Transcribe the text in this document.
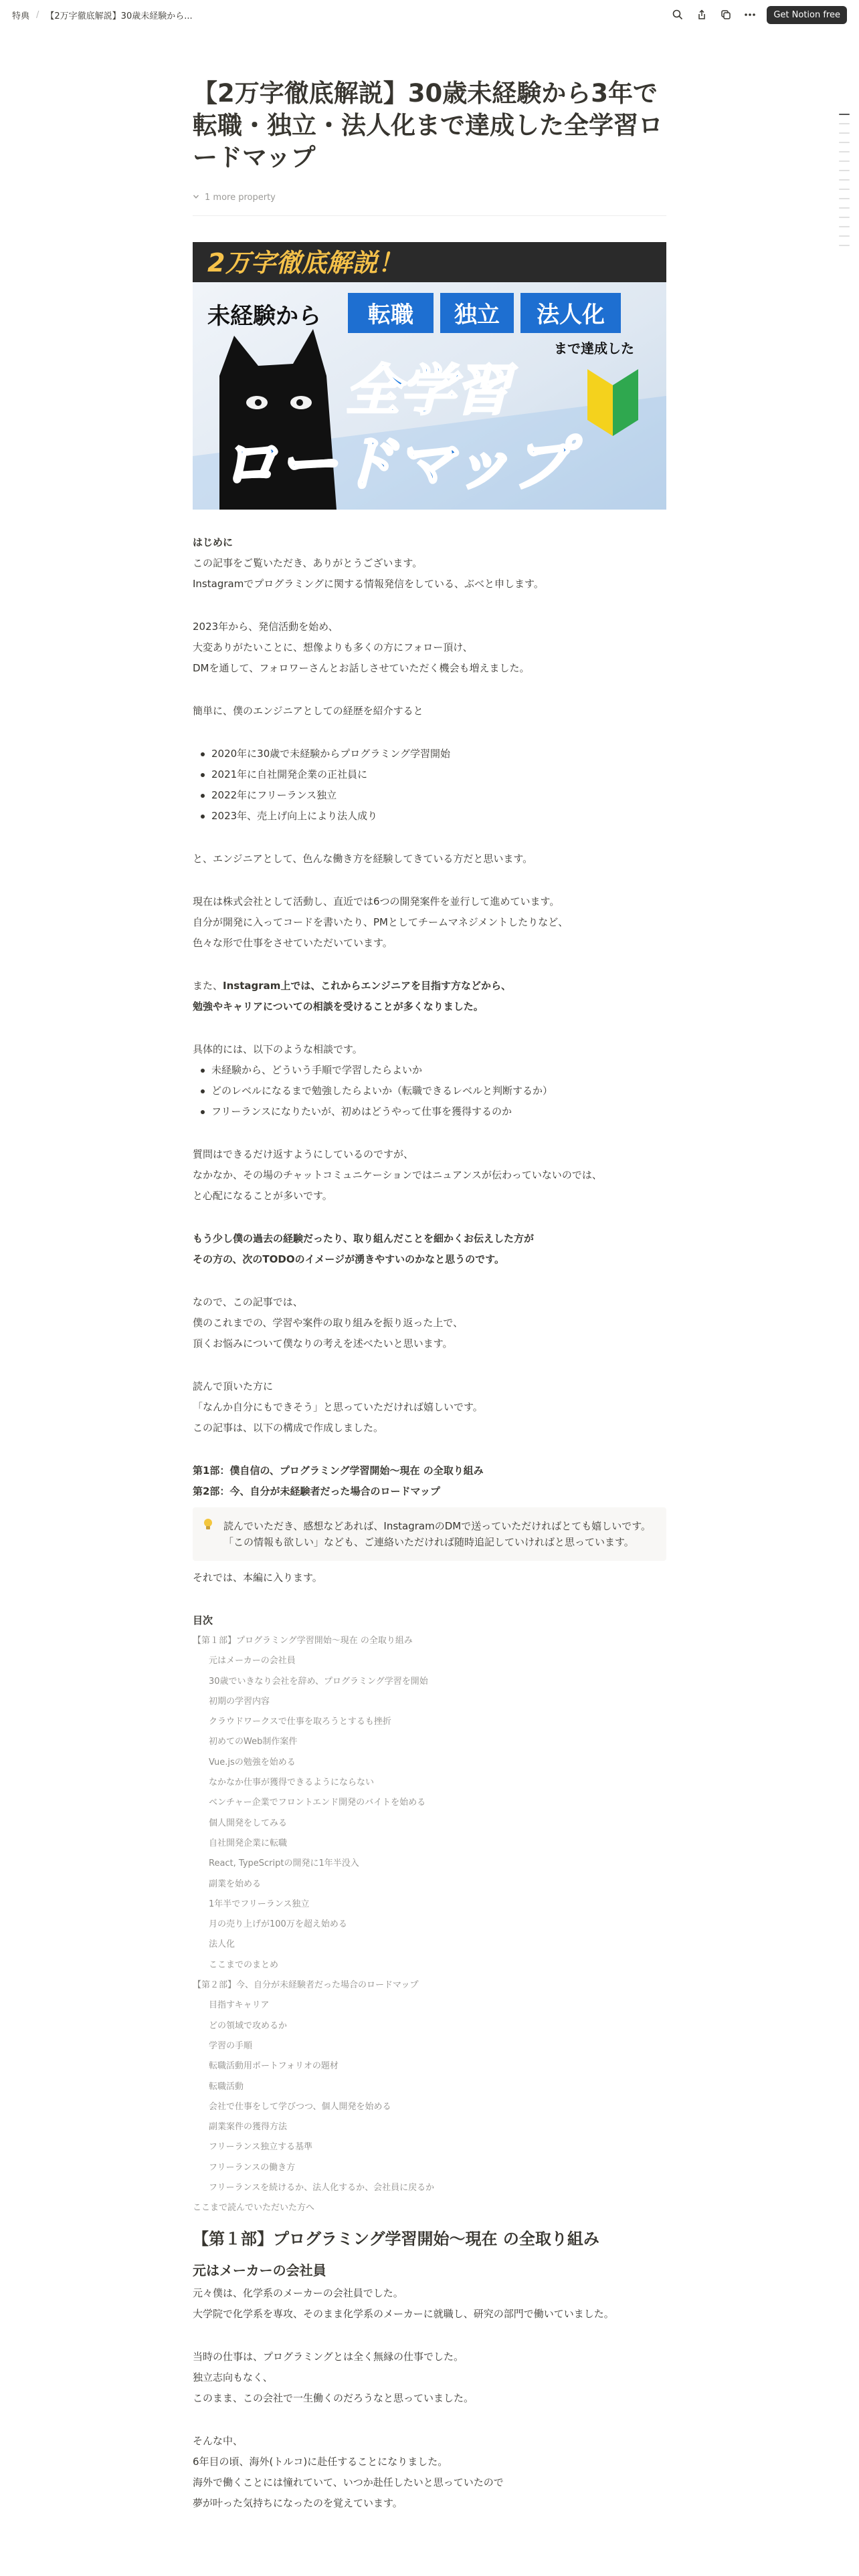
特典 / 【2万字徹底解説】30歳未経験から...	Get Notion free
【2万字徹底解説】30歳未経験から3年で転職・独立・法人化まで達成した全学習ロードマップ
1 more property
2万字徹底解説！
未経験から 転職 独立 法人化
まで達成した
全学習
ロードマップ

はじめに

この記事をご覧いただき、ありがとうございます。

Instagramでプログラミングに関する情報発信をしている、ぶべと申します。

2023年から、発信活動を始め、

大変ありがたいことに、想像よりも多くの方にフォロー頂け、

DMを通して、フォロワーさんとお話しさせていただく機会も増えました。

簡単に、僕のエンジニアとしての経歴を紹介すると

2020年に30歳で未経験からプログラミング学習開始
2021年に自社開発企業の正社員に
2022年にフリーランス独立
2023年、売上げ向上により法人成り

と、エンジニアとして、色んな働き方を経験してきている方だと思います。

現在は株式会社として活動し、直近では6つの開発案件を並行して進めています。

自分が開発に入ってコードを書いたり、PMとしてチームマネジメントしたりなど、

色々な形で仕事をさせていただいています。

また、Instagram上では、これからエンジニアを目指す方などから、

勉強やキャリアについての相談を受けることが多くなりました。

具体的には、以下のような相談です。

未経験から、どういう手順で学習したらよいか
どのレベルになるまで勉強したらよいか（転職できるレベルと判断するか）
フリーランスになりたいが、初めはどうやって仕事を獲得するのか

質問はできるだけ返すようにしているのですが、

なかなか、その場のチャットコミュニケーションではニュアンスが伝わっていないのでは、

と心配になることが多いです。

もう少し僕の過去の経験だったり、取り組んだことを細かくお伝えした方が

その方の、次のTODOのイメージが湧きやすいのかなと思うのです。

なので、この記事では、

僕のこれまでの、学習や案件の取り組みを振り返った上で、

頂くお悩みについて僕なりの考えを述べたいと思います。

読んで頂いた方に

「なんか自分にもできそう」と思っていただければ嬉しいです。

この記事は、以下の構成で作成しました。

第1部：僕自信の、プログラミング学習開始〜現在 の全取り組み

第2部：今、自分が未経験者だった場合のロードマップ

読んでいただき、感想などあれば、InstagramのDMで送っていただければとても嬉しいです。「この情報も欲しい」なども、ご連絡いただければ随時追記していければと思っています。

それでは、本編に入ります。

目次

【第１部】プログラミング学習開始〜現在 の全取り組み
元はメーカーの会社員
30歳でいきなり会社を辞め、プログラミング学習を開始
初期の学習内容
クラウドワークスで仕事を取ろうとするも挫折
初めてのWeb制作案件
Vue.jsの勉強を始める
なかなか仕事が獲得できるようにならない
ベンチャー企業でフロントエンド開発のバイトを始める
個人開発をしてみる
自社開発企業に転職
React, TypeScriptの開発に1年半没入
副業を始める
1年半でフリーランス独立
月の売り上げが100万を超え始める
法人化
ここまでのまとめ
【第２部】今、自分が未経験者だった場合のロードマップ
目指すキャリア
どの領域で攻めるか
学習の手順
転職活動用ポートフォリオの題材
転職活動
会社で仕事をして学びつつ、個人開発を始める
副業案件の獲得方法
フリーランス独立する基準
フリーランスの働き方
フリーランスを続けるか、法人化するか、会社員に戻るか
ここまで読んでいただいた方へ
【第１部】プログラミング学習開始〜現在 の全取り組み
元はメーカーの会社員

元々僕は、化学系のメーカーの会社員でした。

大学院で化学系を専攻、そのまま化学系のメーカーに就職し、研究の部門で働いていました。

当時の仕事は、プログラミングとは全く無縁の仕事でした。

独立志向もなく、

このまま、この会社で一生働くのだろうなと思っていました。

そんな中、

6年目の頃、海外(トルコ)に赴任することになりました。

海外で働くことには憧れていて、いつか赴任したいと思っていたので

夢が叶った気持ちになったのを覚えています。
